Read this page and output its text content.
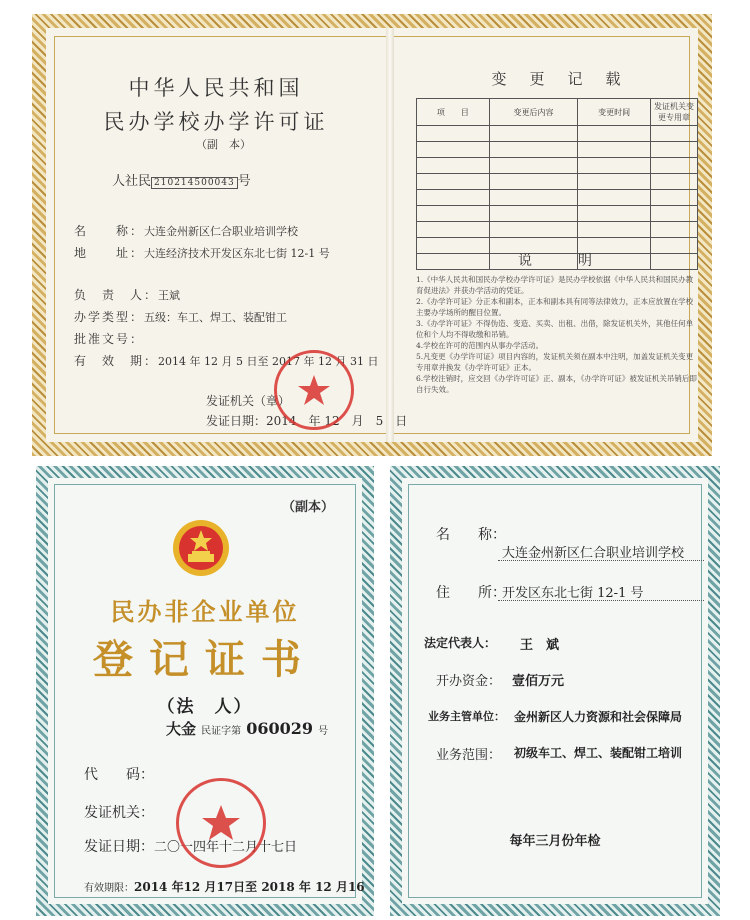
中华人民共和国
民办学校办学许可证
（副　本）
人社民 210214500043 号
名　　称：大连金州新区仁合职业培训学校
地　　址：大连经济技术开发区东北七街 12-1 号
负　责　人：王斌
办学类型：五级：车工、焊工、装配钳工
批准文号：
有　效　期：2014 年 12 月 5 日至 2017 年 12 月 31 日
发证机关（章）
发证日期：2014　年 12　月　5　日
变　更　记　载
项　　目	变更后内容	变更时间	发证机关变更专用章

说　　明
1.《中华人民共和国民办学校办学许可证》是民办学校依据《中华人民共和国民办教育促进法》并获办学活动的凭证。
2.《办学许可证》分正本和副本，正本和副本具有同等法律效力，正本应放置在学校主要办学场所的醒目位置。
3.《办学许可证》不得伪造、变造、买卖、出租、出借，除发证机关外，其他任何单位和个人均不得收缴和吊销。
4.学校在许可的范围内从事办学活动。
5.凡变更《办学许可证》项目内容的，发证机关须在副本中注明，加盖发证机关变更专用章并换发《办学许可证》正本。
6.学校注销时，应交回《办学许可证》正、副本，《办学许可证》被发证机关吊销后即自行失效。
（副本）
民办非企业单位
登记证书
（法　人）
大金 民证字第 060029 号
代　　码：
发证机关：
发证日期：二〇一四年十二月十七日
有效期限：2014 年12 月17日至 2018 年 12 月16
名　　称：
大连金州新区仁合职业培训学校
住　　所：
开发区东北七街 12-1 号
法定代表人： 王　斌
开办资金： 壹佰万元
业务主管单位： 金州新区人力资源和社会保障局
业务范围： 初级车工、焊工、装配钳工培训
每年三月份年检
